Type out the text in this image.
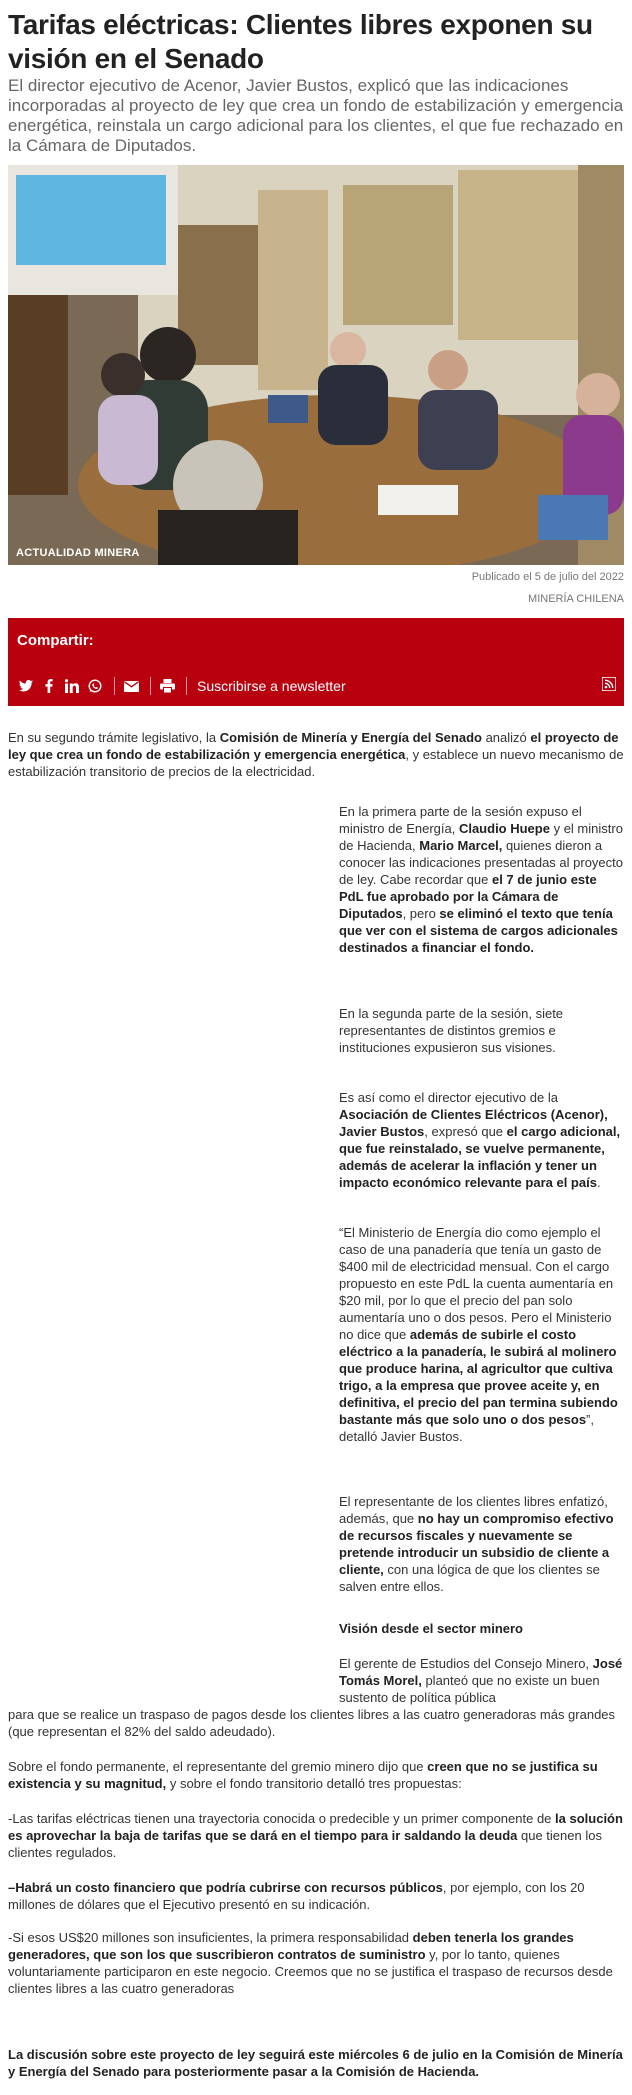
Tarifas eléctricas: Clientes libres exponen su visión en el Senado

El director ejecutivo de Acenor, Javier Bustos, explicó que las indicaciones incorporadas al proyecto de ley que crea un fondo de estabilización y emergencia energética, reinstala un cargo adicional para los clientes, el que fue rechazado en la Cámara de Diputados.

ACTUALIDAD MINERA
Publicado el 5 de julio del 2022
MINERÍA CHILENA
Compartir:
Suscribirse a newsletter

En su segundo trámite legislativo, la Comisión de Minería y Energía del Senado analizó el proyecto de ley que crea un fondo de estabilización y emergencia energética, y establece un nuevo mecanismo de estabilización transitorio de precios de la electricidad.

En la primera parte de la sesión expuso el ministro de Energía, Claudio Huepe y el ministro de Hacienda, Mario Marcel, quienes dieron a conocer las indicaciones presentadas al proyecto de ley. Cabe recordar que el 7 de junio este PdL fue aprobado por la Cámara de Diputados, pero se eliminó el texto que tenía que ver con el sistema de cargos adicionales destinados a financiar el fondo.

En la segunda parte de la sesión, siete representantes de distintos gremios e instituciones expusieron sus visiones.

Es así como el director ejecutivo de la Asociación de Clientes Eléctricos (Acenor), Javier Bustos, expresó que el cargo adicional, que fue reinstalado, se vuelve permanente, además de acelerar la inflación y tener un impacto económico relevante para el país.

“El Ministerio de Energía dio como ejemplo el caso de una panadería que tenía un gasto de $400 mil de electricidad mensual. Con el cargo propuesto en este PdL la cuenta aumentaría en $20 mil, por lo que el precio del pan solo aumentaría uno o dos pesos. Pero el Ministerio no dice que además de subirle el costo eléctrico a la panadería, le subirá al molinero que produce harina, al agricultor que cultiva trigo, a la empresa que provee aceite y, en definitiva, el precio del pan termina subiendo bastante más que solo uno o dos pesos”, detalló Javier Bustos.

El representante de los clientes libres enfatizó, además, que no hay un compromiso efectivo de recursos fiscales y nuevamente se pretende introducir un subsidio de cliente a cliente, con una lógica de que los clientes se salven entre ellos.

Visión desde el sector minero

El gerente de Estudios del Consejo Minero, José Tomás Morel, planteó que no existe un buen sustento de política pública

para que se realice un traspaso de pagos desde los clientes libres a las cuatro generadoras más grandes (que representan el 82% del saldo adeudado).

Sobre el fondo permanente, el representante del gremio minero dijo que creen que no se justifica su existencia y su magnitud, y sobre el fondo transitorio detalló tres propuestas:

-Las tarifas eléctricas tienen una trayectoria conocida o predecible y un primer componente de la solución es aprovechar la baja de tarifas que se dará en el tiempo para ir saldando la deuda que tienen los clientes regulados.

–Habrá un costo financiero que podría cubrirse con recursos públicos, por ejemplo, con los 20 millones de dólares que el Ejecutivo presentó en su indicación.

-Si esos US$20 millones son insuficientes, la primera responsabilidad deben tenerla los grandes generadores, que son los que suscribieron contratos de suministro y, por lo tanto, quienes voluntariamente participaron en este negocio. Creemos que no se justifica el traspaso de recursos desde clientes libres a las cuatro generadoras

La discusión sobre este proyecto de ley seguirá este miércoles 6 de julio en la Comisión de Minería y Energía del Senado para posteriormente pasar a la Comisión de Hacienda.
